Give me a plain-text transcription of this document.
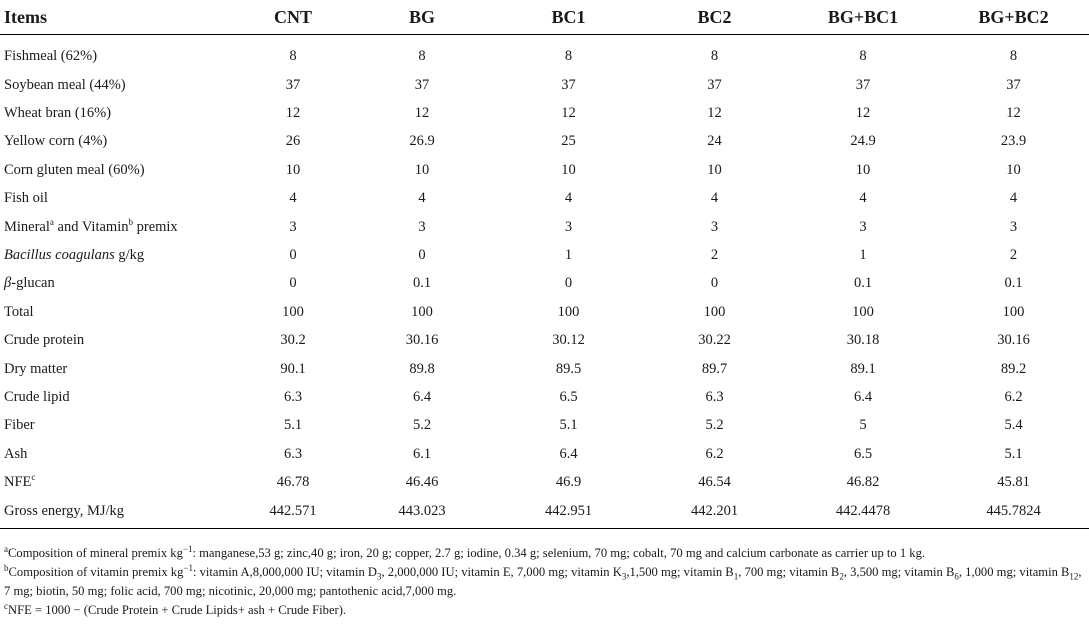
Items	CNT	BG	BC1	BC2	BG+BC1	BG+BC2
Fishmeal (62%)	8	8	8	8	8	8
Soybean meal (44%)	37	37	37	37	37	37
Wheat bran (16%)	12	12	12	12	12	12
Yellow corn (4%)	26	26.9	25	24	24.9	23.9
Corn gluten meal (60%)	10	10	10	10	10	10
Fish oil	4	4	4	4	4	4
Mineral$^a$ and Vitamin$^b$ premix	3	3	3	3	3	3
Bacillus coagulans g/kg	0	0	1	2	1	2
β-glucan	0	0.1	0	0	0.1	0.1
Total	100	100	100	100	100	100
Crude protein	30.2	30.16	30.12	30.22	30.18	30.16
Dry matter	90.1	89.8	89.5	89.7	89.1	89.2
Crude lipid	6.3	6.4	6.5	6.3	6.4	6.2
Fiber	5.1	5.2	5.1	5.2	5	5.4
Ash	6.3	6.1	6.4	6.2	6.5	5.1
NFE$^c$	46.78	46.46	46.9	46.54	46.82	45.81
Gross energy, MJ/kg	442.571	443.023	442.951	442.201	442.4478	445.7824

$^a$Composition of mineral premix $kg^{-1}$: manganese,53 g; zinc,40 g; iron, 20 g; copper, 2.7 g; iodine, 0.34 g; selenium, 70 mg; cobalt, 70 mg and calcium carbonate as carrier up to 1 kg.

$^b$Composition of vitamin premix $kg^{-1}$: vitamin A,8,000,000 IU; vitamin $D_3$, 2,000,000 IU; vitamin E, 7,000 mg; vitamin $K_3,1,500$ mg; vitamin $B_1$, 700 mg; vitamin $B_2$, 3,500 mg; vitamin $B_6$, 1,000 mg; vitamin $B_{12}$, 7 mg; biotin, 50 mg; folic acid, 700 mg; nicotinic, 20,000 mg; pantothenic acid,7,000 mg.

$^c$NFE = 1000 − (Crude Protein + Crude Lipids+ ash + Crude Fiber).
